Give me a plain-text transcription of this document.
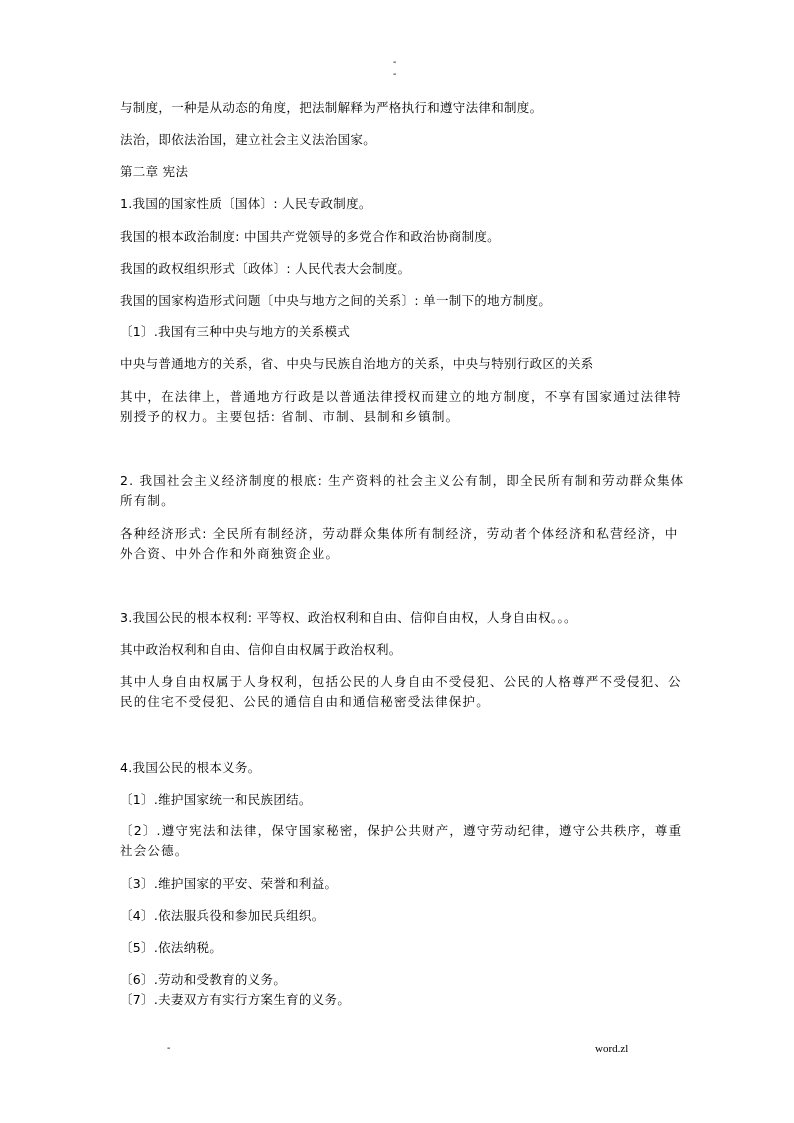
-
-
与制度，一种是从动态的角度，把法制解释为严格执行和遵守法律和制度。
法治，即依法治国，建立社会主义法治国家。
第二章 宪法
1.我国的国家性质〔国体〕: 人民专政制度。
我国的根本政治制度: 中国共产党领导的多党合作和政治协商制度。
我国的政权组织形式〔政体〕: 人民代表大会制度。
我国的国家构造形式问题〔中央与地方之间的关系〕: 单一制下的地方制度。
〔1〕.我国有三种中央与地方的关系模式
中央与普通地方的关系，省、中央与民族自治地方的关系，中央与特别行政区的关系
其中，在法律上，普通地方行政是以普通法律授权而建立的地方制度，不享有国家通过法律特别授予的权力。主要包括: 省制、市制、县制和乡镇制。
2. 我国社会主义经济制度的根底: 生产资料的社会主义公有制，即全民所有制和劳动群众集体所有制。
各种经济形式: 全民所有制经济，劳动群众集体所有制经济，劳动者个体经济和私营经济，中外合资、中外合作和外商独资企业。
3.我国公民的根本权利: 平等权、政治权利和自由、信仰自由权，人身自由权。。。
其中政治权利和自由、信仰自由权属于政治权利。
其中人身自由权属于人身权利，包括公民的人身自由不受侵犯、公民的人格尊严不受侵犯、公民的住宅不受侵犯、公民的通信自由和通信秘密受法律保护。
4.我国公民的根本义务。
〔1〕.维护国家统一和民族团结。
〔2〕.遵守宪法和法律，保守国家秘密，保护公共财产，遵守劳动纪律，遵守公共秩序，尊重社会公德。
〔3〕.维护国家的平安、荣誉和利益。
〔4〕.依法服兵役和参加民兵组织。
〔5〕.依法纳税。
〔6〕.劳动和受教育的义务。
〔7〕.夫妻双方有实行方案生育的义务。
-	word.zl
